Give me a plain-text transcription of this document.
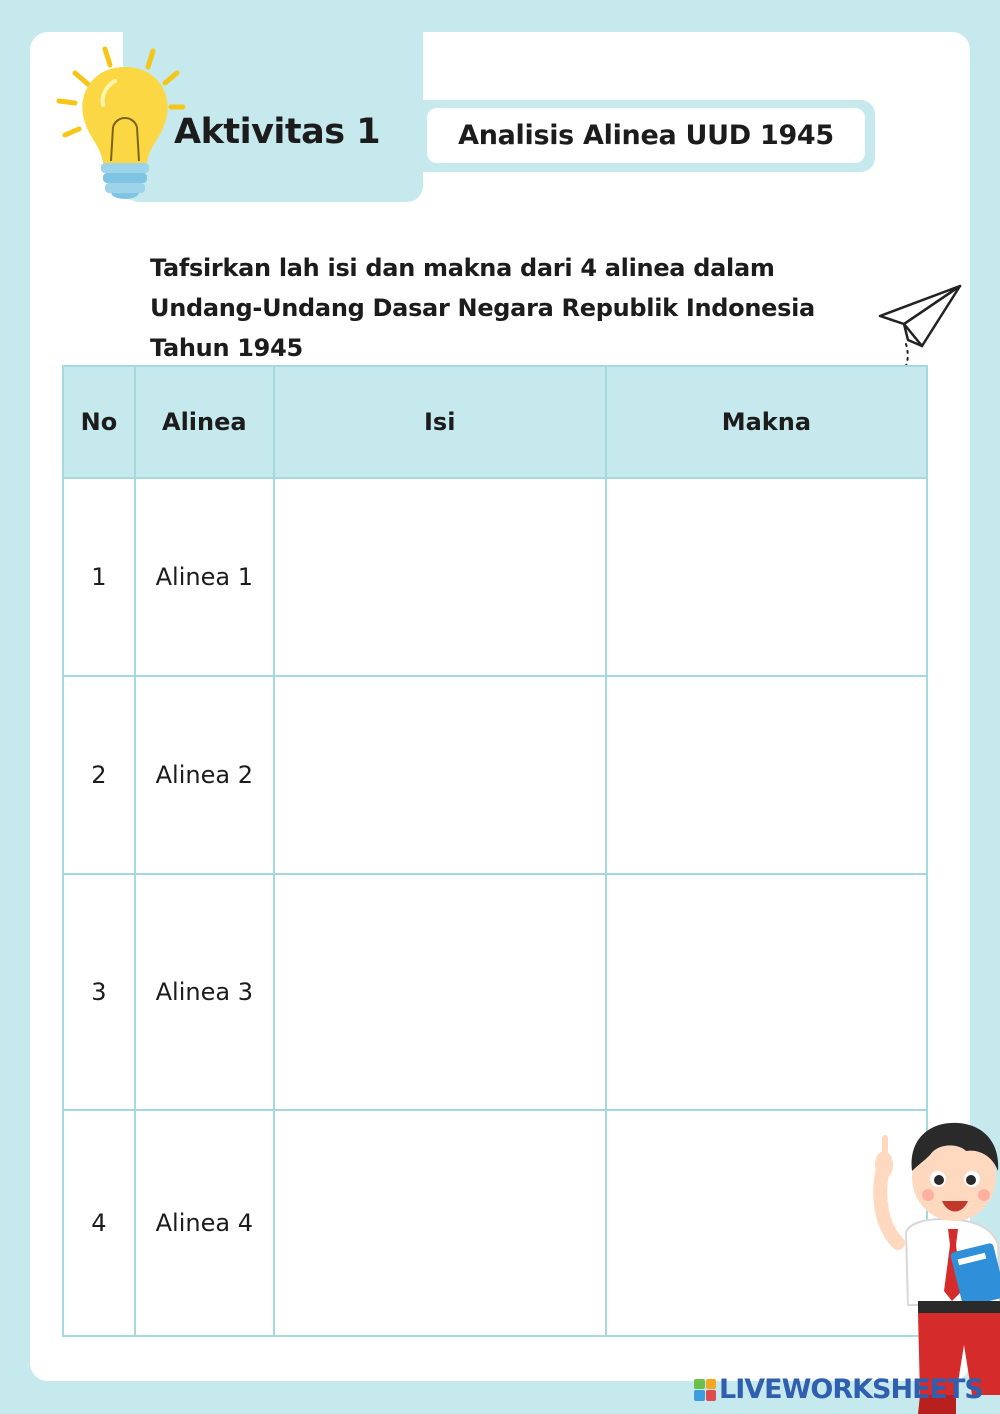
Aktivitas 1	Analisis Alinea UUD 1945
Tafsirkan lah isi dan makna dari 4 alinea dalam Undang-Undang Dasar Negara Republik Indonesia Tahun 1945
No	Alinea	Isi	Makna
1	Alinea 1		
2	Alinea 2		
3	Alinea 3		
4	Alinea 4		
LIVEWORKSHEETS
